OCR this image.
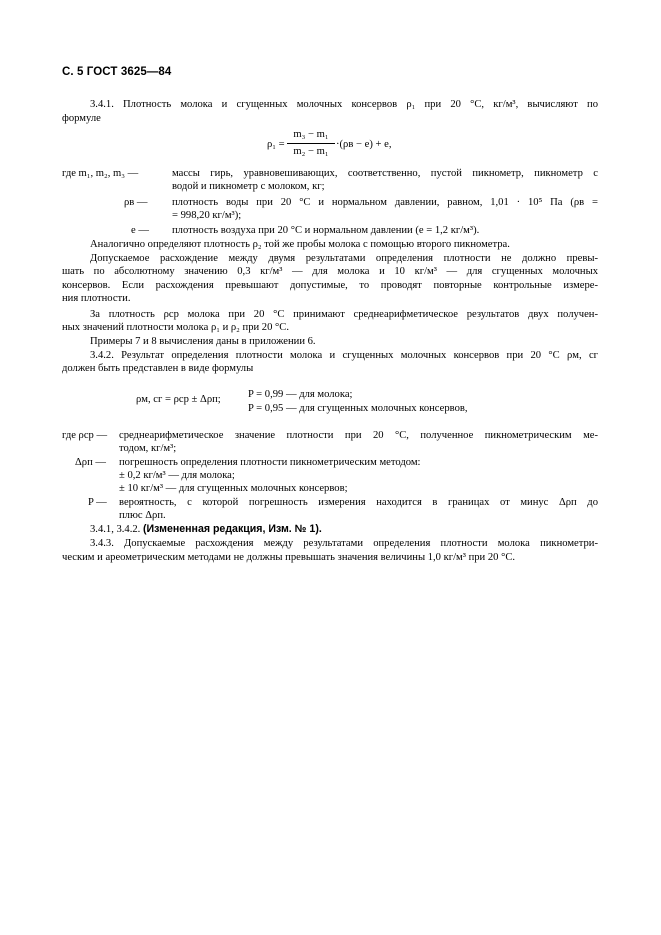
С. 5 ГОСТ 3625—84
3.4.1. Плотность молока и сгущенных молочных консервов ρ₁ при 20 °С, кг/м³, вычисляют по
формуле
ρ₁ =
m₃ − m₁
m₂ − m₁
·(ρв − e) + e,
где m₁, m₂, m₃ —	массы гирь, уравновешивающих, соответственно, пустой пикнометр, пикнометр с
водой и пикнометр с молоком, кг;
ρв — плотность воды при 20 °С и нормальном давлении, равном, 1,01 · 10⁵ Па (ρв =
= 998,20 кг/м³);
e — плотность воздуха при 20 °С и нормальном давлении (e = 1,2 кг/м³).
Аналогично определяют плотность ρ₂ той же пробы молока с помощью второго пикнометра.
Допускаемое расхождение между двумя результатами определения плотности не должно превы-
шать по абсолютному значению 0,3 кг/м³ — для молока и 10 кг/м³ — для сгущенных молочных
консервов. Если расхождения превышают допустимые, то проводят повторные контрольные измере-
ния плотности.
За плотность ρср молока при 20 °С принимают среднеарифметическое результатов двух получен-
ных значений плотности молока ρ₁ и ρ₂ при 20 °С.
Примеры 7 и 8 вычисления даны в приложении 6.
3.4.2. Результат определения плотности молока и сгущенных молочных консервов при 20 °С ρм, сг
должен быть представлен в виде формулы
ρм, сг = ρср ± Δρп;	P = 0,99 — для молока;
P = 0,95 — для сгущенных молочных консервов,
где ρср — среднеарифметическое значение плотности при 20 °С, полученное пикнометрическим ме-
тодом, кг/м³;
Δρп — погрешность определения плотности пикнометрическим методом:
± 0,2 кг/м³ — для молока;
± 10 кг/м³ — для сгущенных молочных консервов;
P — вероятность, с которой погрешность измерения находится в границах от минус Δρп до
плюс Δρп.
3.4.1, 3.4.2. (Измененная редакция, Изм. № 1).
3.4.3. Допускаемые расхождения между результатами определения плотности молока пикнометри-
ческим и ареометрическим методами не должны превышать значения величины 1,0 кг/м³ при 20 °С.
